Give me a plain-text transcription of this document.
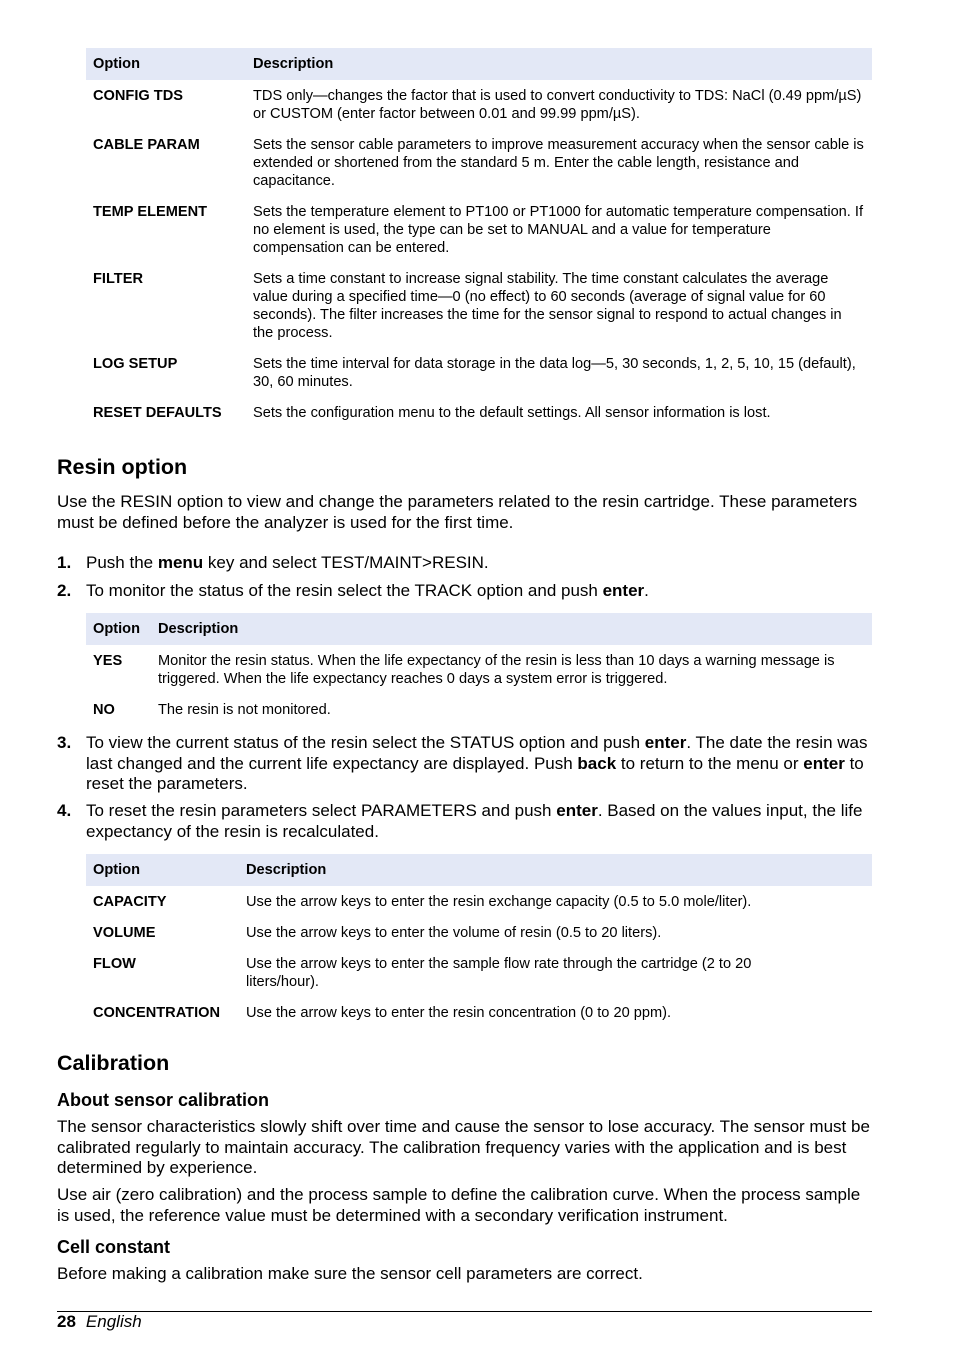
Option	Description
CONFIG TDS	TDS only—changes the factor that is used to convert conductivity to TDS: NaCl (0.49 ppm/µS) or CUSTOM (enter factor between 0.01 and 99.99 ppm/µS).
CABLE PARAM	Sets the sensor cable parameters to improve measurement accuracy when the sensor cable is extended or shortened from the standard 5 m. Enter the cable length, resistance and capacitance.
TEMP ELEMENT	Sets the temperature element to PT100 or PT1000 for automatic temperature compensation. If no element is used, the type can be set to MANUAL and a value for temperature compensation can be entered.
FILTER	Sets a time constant to increase signal stability. The time constant calculates the average value during a specified time—0 (no effect) to 60 seconds (average of signal value for 60 seconds). The filter increases the time for the sensor signal to respond to actual changes in the process.
LOG SETUP	Sets the time interval for data storage in the data log—5, 30 seconds, 1, 2, 5, 10, 15 (default), 30, 60 minutes.
RESET DEFAULTS	Sets the configuration menu to the default settings. All sensor information is lost.
Resin option

Use the RESIN option to view and change the parameters related to the resin cartridge. These parameters must be defined before the analyzer is used for the first time.

1. Push the menu key and select TEST/MAINT>RESIN.
2. To monitor the status of the resin select the TRACK option and push enter.
Option	Description
YES	Monitor the resin status. When the life expectancy of the resin is less than 10 days a warning message is triggered. When the life expectancy reaches 0 days a system error is triggered.
NO	The resin is not monitored.
3. To view the current status of the resin select the STATUS option and push enter. The date the resin was last changed and the current life expectancy are displayed. Push back to return to the menu or enter to reset the parameters.
4. To reset the resin parameters select PARAMETERS and push enter. Based on the values input, the life expectancy of the resin is recalculated.
Option	Description
CAPACITY	Use the arrow keys to enter the resin exchange capacity (0.5 to 5.0 mole/liter).
VOLUME	Use the arrow keys to enter the volume of resin (0.5 to 20 liters).
FLOW	Use the arrow keys to enter the sample flow rate through the cartridge (2 to 20 liters/hour).
CONCENTRATION	Use the arrow keys to enter the resin concentration (0 to 20 ppm).
Calibration
About sensor calibration

The sensor characteristics slowly shift over time and cause the sensor to lose accuracy. The sensor must be calibrated regularly to maintain accuracy. The calibration frequency varies with the application and is best determined by experience.

Use air (zero calibration) and the process sample to define the calibration curve. When the process sample is used, the reference value must be determined with a secondary verification instrument.

Cell constant

Before making a calibration make sure the sensor cell parameters are correct.

28 English
